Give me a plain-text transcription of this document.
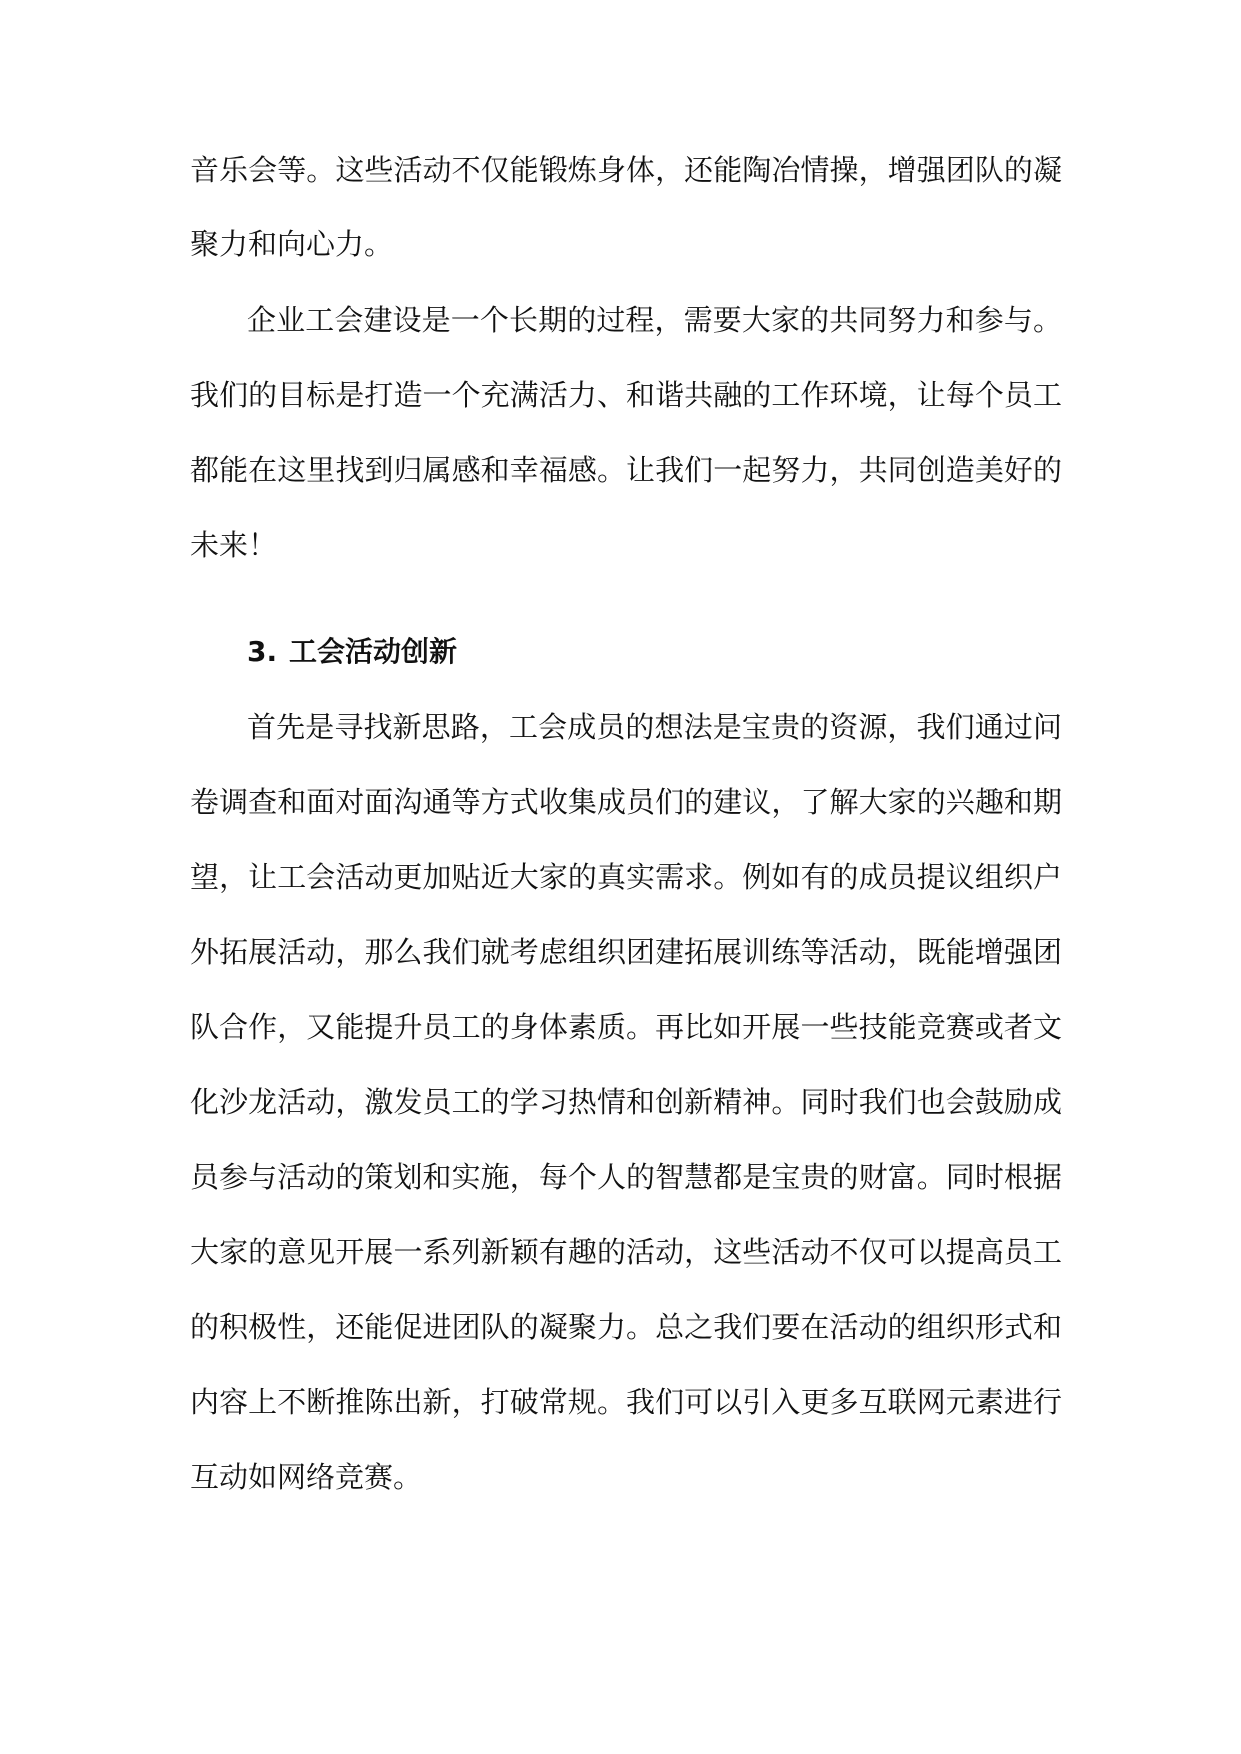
音乐会等。这些活动不仅能锻炼身体，还能陶冶情操，增强团队的凝
聚力和向心力。
企业工会建设是一个长期的过程，需要大家的共同努力和参与。
我们的目标是打造一个充满活力、和谐共融的工作环境，让每个员工
都能在这里找到归属感和幸福感。让我们一起努力，共同创造美好的
未来！
3. 工会活动创新
首先是寻找新思路，工会成员的想法是宝贵的资源，我们通过问
卷调查和面对面沟通等方式收集成员们的建议，了解大家的兴趣和期
望，让工会活动更加贴近大家的真实需求。例如有的成员提议组织户
外拓展活动，那么我们就考虑组织团建拓展训练等活动，既能增强团
队合作，又能提升员工的身体素质。再比如开展一些技能竞赛或者文
化沙龙活动，激发员工的学习热情和创新精神。同时我们也会鼓励成
员参与活动的策划和实施，每个人的智慧都是宝贵的财富。同时根据
大家的意见开展一系列新颖有趣的活动，这些活动不仅可以提高员工
的积极性，还能促进团队的凝聚力。总之我们要在活动的组织形式和
内容上不断推陈出新，打破常规。我们可以引入更多互联网元素进行
互动如网络竞赛。
